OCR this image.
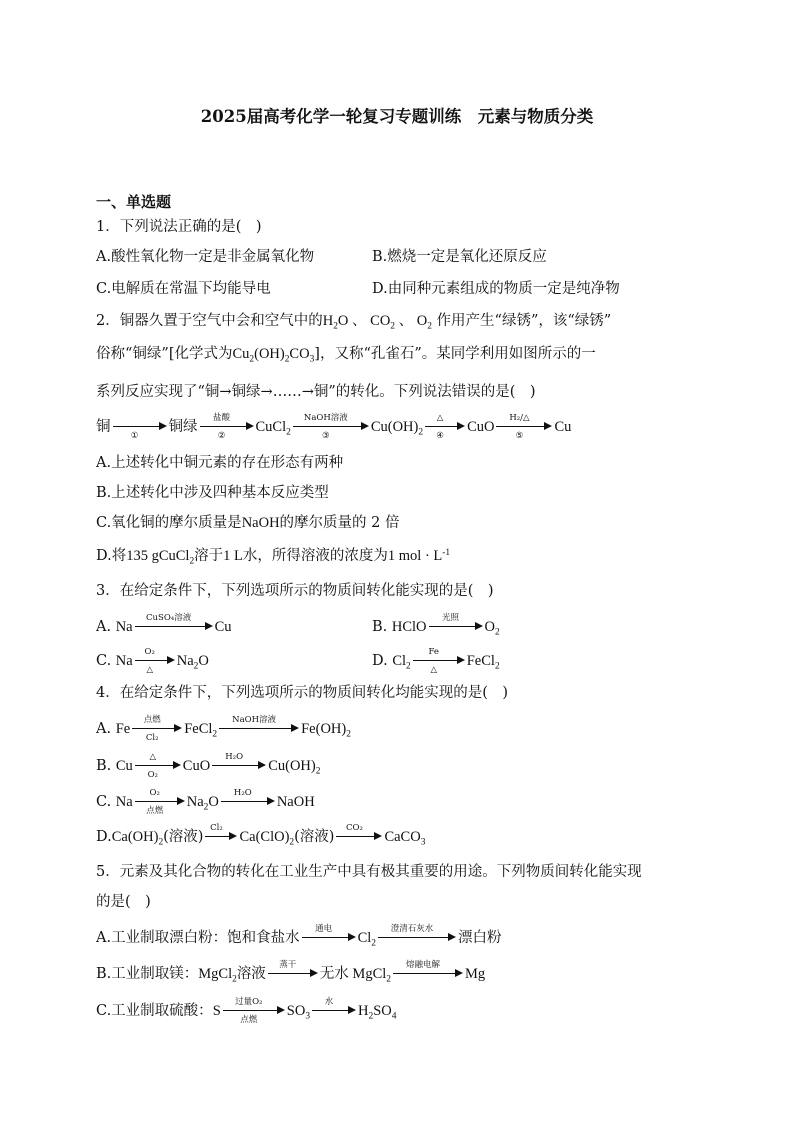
2025届高考化学一轮复习专题训练　元素与物质分类
一、单选题
1．下列说法正确的是(　)
A.酸性氧化物一定是非金属氧化物	B.燃烧一定是氧化还原反应
C.电解质在常温下均能导电	D.由同种元素组成的物质一定是纯净物
2．铜器久置于空气中会和空气中的$H_2O$ 、 $CO_2$ 、 $O_2$ 作用产生“绿锈”，该“绿锈”
俗称“铜绿”[化学式为$Cu_2(OH)_2CO_3$]，又称“孔雀石”。某同学利用如图所示的一
系列反应实现了“铜→铜绿→……→铜”的转化。下列说法错误的是(　)
铜
①
铜绿
盐酸
②
CuCl$_2$
NaOH溶液
③
$Cu(OH)_2$
△
④
CuO
H₂/△
⑤
Cu
A.上述转化中铜元素的存在形态有两种
B.上述转化中涉及四种基本反应类型
C.氧化铜的摩尔质量是NaOH的摩尔质量的 2 倍
D.将135 gCuCl$_2$溶于1 L水，所得溶液的浓度为1 mol · $L^{-1}$
3．在给定条件下，下列选项所示的物质间转化能实现的是(　)
A. Na
CuSO₄溶液
Cu	B. HClO
光照
$O_2$
C. Na
O₂
△
$Na_2O$	D. $Cl_2$
Fe
△
FeCl$_2$
4．在给定条件下，下列选项所示的物质间转化均能实现的是(　)
A. Fe
点燃
Cl₂
FeCl$_2$
NaOH溶液
$Fe(OH)_2$
B. Cu
△
O₂
CuO
H₂O
$Cu(OH)_2$
C. Na
O₂
点燃
$Na_2O$
H₂O
NaOH
$D.Ca(OH)_2$(溶液)
Cl₂
$Ca(ClO)_2$(溶液)
CO₂
CaCO$_3$
5．元素及其化合物的转化在工业生产中具有极其重要的用途。下列物质间转化能实现
的是(　)
A.工业制取漂白粉：饱和食盐水
通电
$Cl_2$
澄清石灰水
漂白粉
B.工业制取镁：MgCl$_2$溶液
蒸干
无水 MgCl$_2$
熔融电解
Mg
C.工业制取硫酸：S
过量O₂
点燃
$SO_3$
水
$H_2SO_4$
